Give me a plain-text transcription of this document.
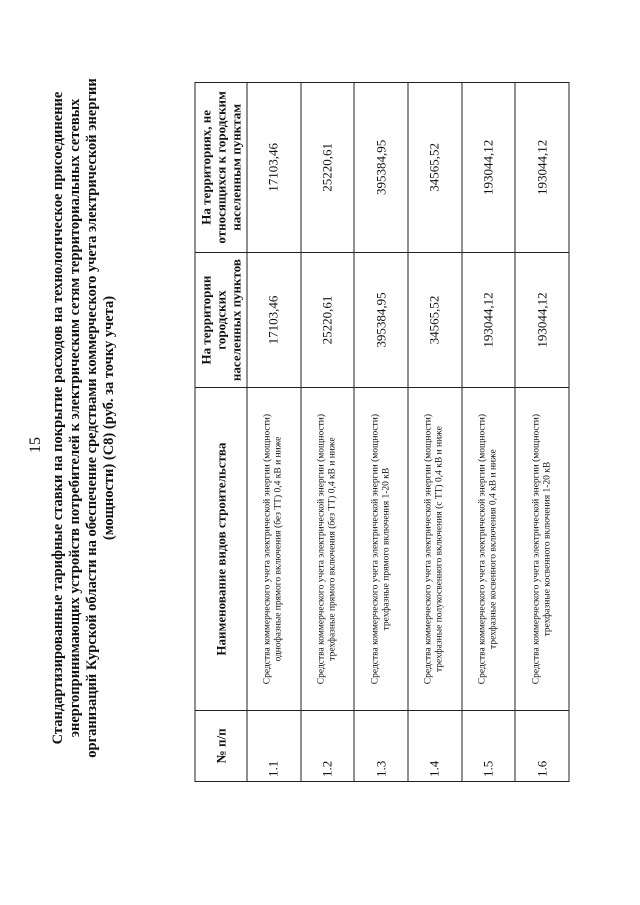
15 Стандартизированные тарифные ставки на покрытие расходов на технологическое присоединение энергопринимающих устройств потребителей к электрическим сетям территориальных сетевых организаций Курской области на обеспечение средствами коммерческого учета электрической энергии (мощности) (С8) (руб. за точку учета)
№ п/п	Наименование видов строительства	На территории городских населенных пунктов	На территориях, не относящихся к городским населенным пунктам
1.1	Средства коммерческого учета электрической энергии (мощности) однофазные прямого включения (без ТТ) 0,4 кВ и ниже	17103,46	17103,46
1.2	Средства коммерческого учета электрической энергии (мощности) трехфазные прямого включения (без ТТ) 0,4 кВ и ниже	25220,61	25220,61
1.3	Средства коммерческого учета электрической энергии (мощности) трехфазные прямого включения 1-20 кВ	395384,95	395384,95
1.4	Средства коммерческого учета электрической энергии (мощности) трехфазные полукосвенного включения (с ТТ) 0,4 кВ и ниже	34565,52	34565,52
1.5	Средства коммерческого учета электрической энергии (мощности) трехфазные косвенного включения 0,4 кВ и ниже	193044,12	193044,12
1.6	Средства коммерческого учета электрической энергии (мощности) трехфазные косвенного включения 1-20 кВ	193044,12	193044,12
